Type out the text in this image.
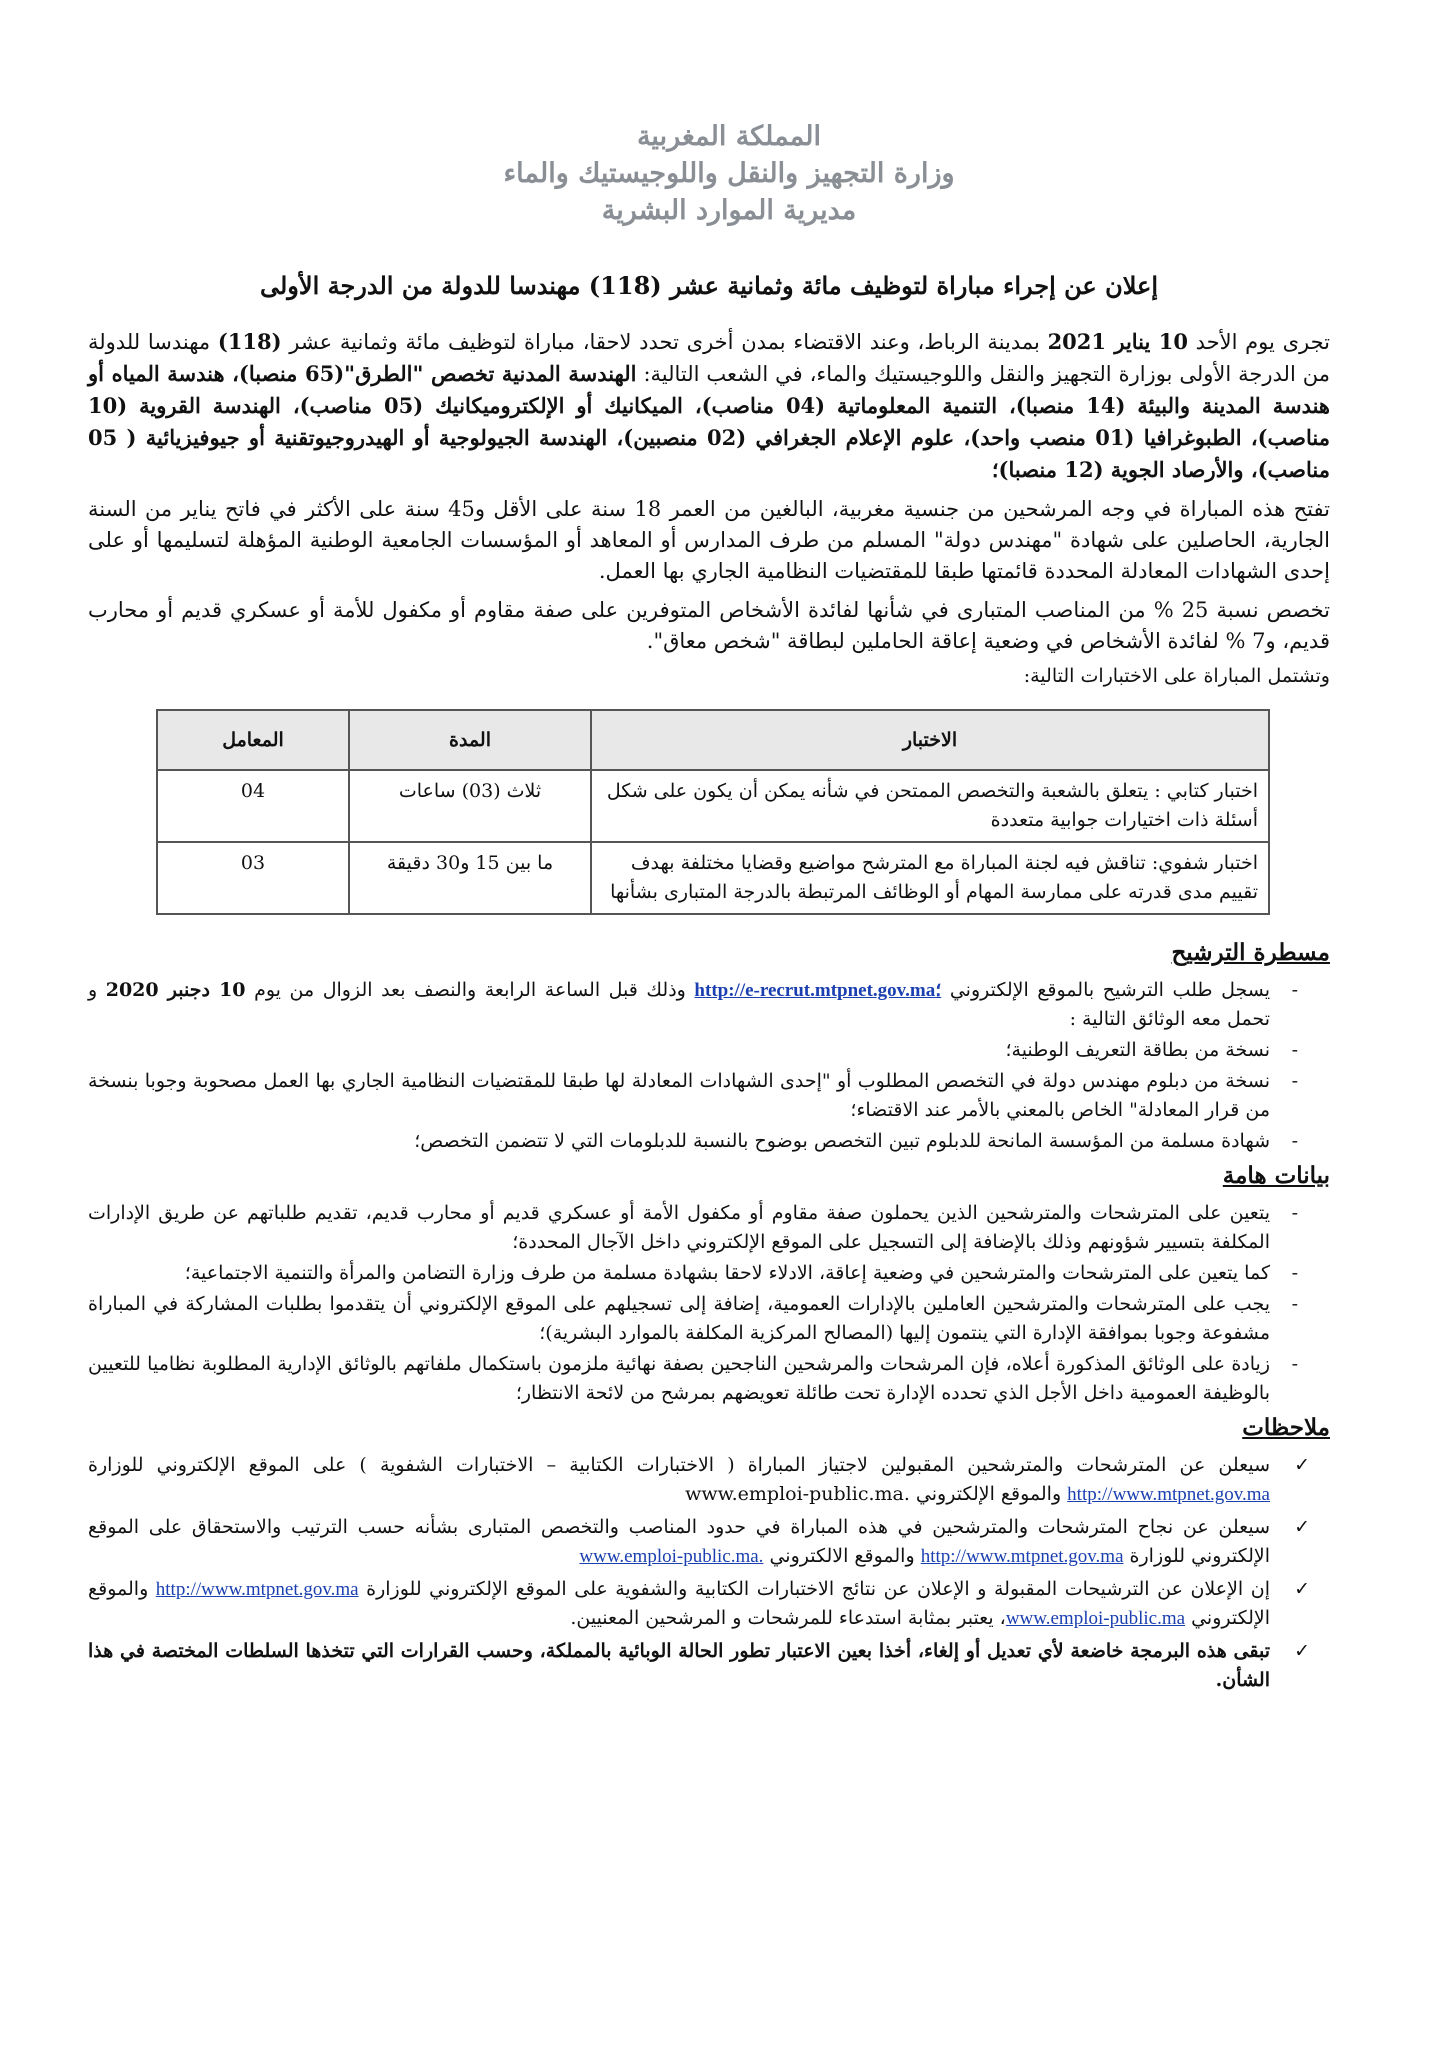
المملكة المغربية
وزارة التجهيز والنقل واللوجيستيك والماء
مديرية الموارد البشرية
إعلان عن إجراء مباراة لتوظيف مائة وثمانية عشر (118) مهندسا للدولة من الدرجة الأولى

تجرى يوم الأحد 10 يناير 2021 بمدينة الرباط، وعند الاقتضاء بمدن أخرى تحدد لاحقا، مباراة لتوظيف مائة وثمانية عشر (118) مهندسا للدولة من الدرجة الأولى بوزارة التجهيز والنقل واللوجيستيك والماء، في الشعب التالية: الهندسة المدنية تخصص "الطرق"(65 منصبا)، هندسة المياه أو هندسة المدينة والبيئة (14 منصبا)، التنمية المعلوماتية (04 مناصب)، الميكانيك أو الإلكتروميكانيك (05 مناصب)، الهندسة القروية (10 مناصب)، الطبوغرافيا (01 منصب واحد)، علوم الإعلام الجغرافي (02 منصبين)، الهندسة الجيولوجية أو الهيدروجيوتقنية أو جيوفيزيائية ( 05 مناصب)، والأرصاد الجوية (12 منصبا)؛

تفتح هذه المباراة في وجه المرشحين من جنسية مغربية، البالغين من العمر 18 سنة على الأقل و45 سنة على الأكثر في فاتح يناير من السنة الجارية، الحاصلين على شهادة "مهندس دولة" المسلم من طرف المدارس أو المعاهد أو المؤسسات الجامعية الوطنية المؤهلة لتسليمها أو على إحدى الشهادات المعادلة المحددة قائمتها طبقا للمقتضيات النظامية الجاري بها العمل.

تخصص نسبة 25 % من المناصب المتبارى في شأنها لفائدة الأشخاص المتوفرين على صفة مقاوم أو مكفول للأمة أو عسكري قديم أو محارب قديم، و7 % لفائدة الأشخاص في وضعية إعاقة الحاملين لبطاقة "شخص معاق".

وتشتمل المباراة على الاختبارات التالية:

الاختبار	المدة	المعامل
اختبار كتابي : يتعلق بالشعبة والتخصص الممتحن في شأنه يمكن أن يكون على شكل أسئلة ذات اختيارات جوابية متعددة	ثلاث (03) ساعات	04
اختبار شفوي: تناقش فيه لجنة المباراة مع المترشح مواضيع وقضايا مختلفة بهدف تقييم مدى قدرته على ممارسة المهام أو الوظائف المرتبطة بالدرجة المتبارى بشأنها	ما بين 15 و30 دقيقة	03
مسطرة الترشيح
- يسجل طلب الترشيح بالموقع الإلكتروني http://e-recrut.mtpnet.gov.ma؛ وذلك قبل الساعة الرابعة والنصف بعد الزوال من يوم 10 دجنبر 2020 و تحمل معه الوثائق التالية :
- نسخة من بطاقة التعريف الوطنية؛
- نسخة من دبلوم مهندس دولة في التخصص المطلوب أو "إحدى الشهادات المعادلة لها طبقا للمقتضيات النظامية الجاري بها العمل مصحوبة وجوبا بنسخة من قرار المعادلة" الخاص بالمعني بالأمر عند الاقتضاء؛
- شهادة مسلمة من المؤسسة المانحة للدبلوم تبين التخصص بوضوح بالنسبة للدبلومات التي لا تتضمن التخصص؛
بيانات هامة
- يتعين على المترشحات والمترشحين الذين يحملون صفة مقاوم أو مكفول الأمة أو عسكري قديم أو محارب قديم، تقديم طلباتهم عن طريق الإدارات المكلفة بتسيير شؤونهم وذلك بالإضافة إلى التسجيل على الموقع الإلكتروني داخل الآجال المحددة؛
- كما يتعين على المترشحات والمترشحين في وضعية إعاقة، الادلاء لاحقا بشهادة مسلمة من طرف وزارة التضامن والمرأة والتنمية الاجتماعية؛
- يجب على المترشحات والمترشحين العاملين بالإدارات العمومية، إضافة إلى تسجيلهم على الموقع الإلكتروني أن يتقدموا بطلبات المشاركة في المباراة مشفوعة وجوبا بموافقة الإدارة التي ينتمون إليها (المصالح المركزية المكلفة بالموارد البشرية)؛
- زيادة على الوثائق المذكورة أعلاه، فإن المرشحات والمرشحين الناجحين بصفة نهائية ملزمون باستكمال ملفاتهم بالوثائق الإدارية المطلوبة نظاميا للتعيين بالوظيفة العمومية داخل الأجل الذي تحدده الإدارة تحت طائلة تعويضهم بمرشح من لائحة الانتظار؛
ملاحظات
✓
سيعلن عن المترشحات والمترشحين المقبولين لاجتياز المباراة ( الاختبارات الكتابية – الاختبارات الشفوية ) على الموقع الإلكتروني للوزارة http://www.mtpnet.gov.ma والموقع الإلكتروني www.emploi-public.ma.
✓
سيعلن عن نجاح المترشحات والمترشحين في هذه المباراة في حدود المناصب والتخصص المتبارى بشأنه حسب الترتيب والاستحقاق على الموقع الإلكتروني للوزارة http://www.mtpnet.gov.ma والموقع الالكتروني www.emploi-public.ma.
✓
إن الإعلان عن الترشيحات المقبولة و الإعلان عن نتائج الاختبارات الكتابية والشفوية على الموقع الإلكتروني للوزارة http://www.mtpnet.gov.ma والموقع الإلكتروني www.emploi-public.ma، يعتبر بمثابة استدعاء للمرشحات و المرشحين المعنيين.
✓
تبقى هذه البرمجة خاضعة لأي تعديل أو إلغاء، أخذا بعين الاعتبار تطور الحالة الوبائية بالمملكة، وحسب القرارات التي تتخذها السلطات المختصة في هذا الشأن.
